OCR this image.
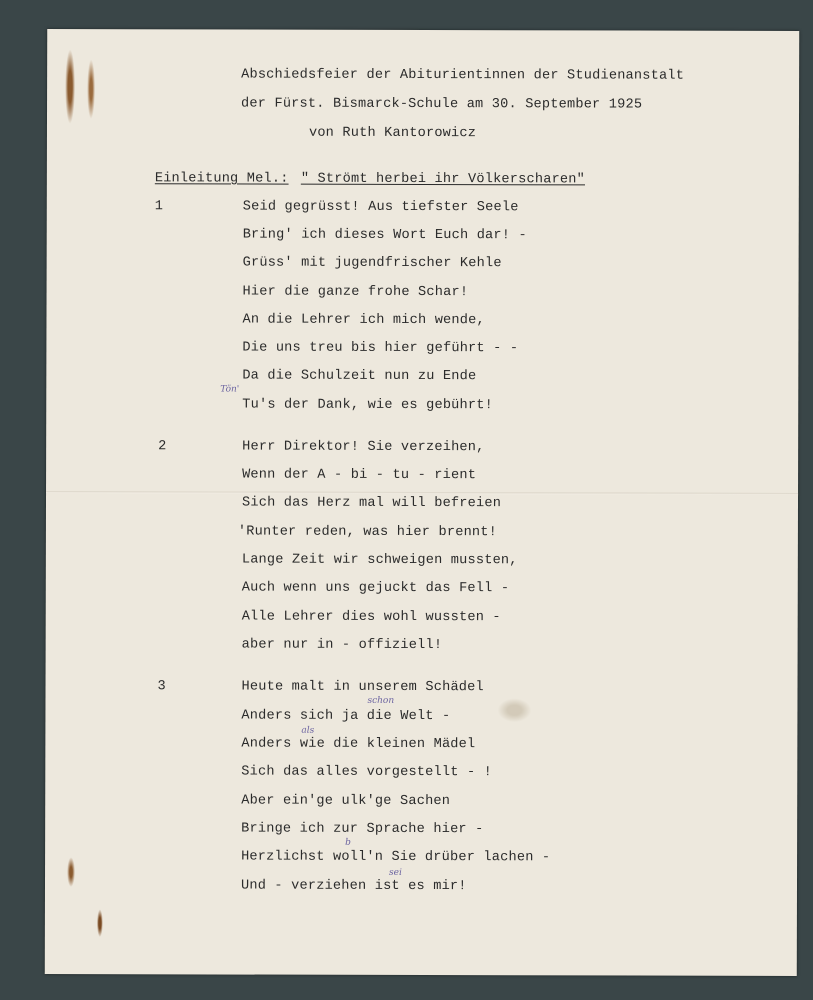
Abschiedsfeier der Abiturientinnen der Studienanstalt
der Fürst. Bismarck-Schule am 30. September 1925
von Ruth Kantorowicz
Einleitung Mel.: " Strömt herbei ihr Völkerscharen"
1	Seid gegrüsst! Aus tiefster Seele
Bring' ich dieses Wort Euch dar! -
Grüss' mit jugendfrischer Kehle
Hier die ganze frohe Schar!
An die Lehrer ich mich wende,
Die uns treu bis hier geführt - -
Da die Schulzeit nun zu Ende
Tu's der Dank, wie es gebührt!
Tön'
2	Herr Direktor! Sie verzeihen,
Wenn der A - bi - tu - rient
Sich das Herz mal will befreien
'Runter reden, was hier brennt!
Lange Zeit wir schweigen mussten,
Auch wenn uns gejuckt das Fell -
Alle Lehrer dies wohl wussten -
aber nur in - offiziell!
3	Heute malt in unserem Schädel
Anders sich ja die Welt -
Anders wie die kleinen Mädel
Sich das alles vorgestellt - !
Aber ein'ge ulk'ge Sachen
Bringe ich zur Sprache hier -
Herzlichst woll'n Sie drüber lachen -
Und - verziehen ist es mir!
schon
als
b
sei
